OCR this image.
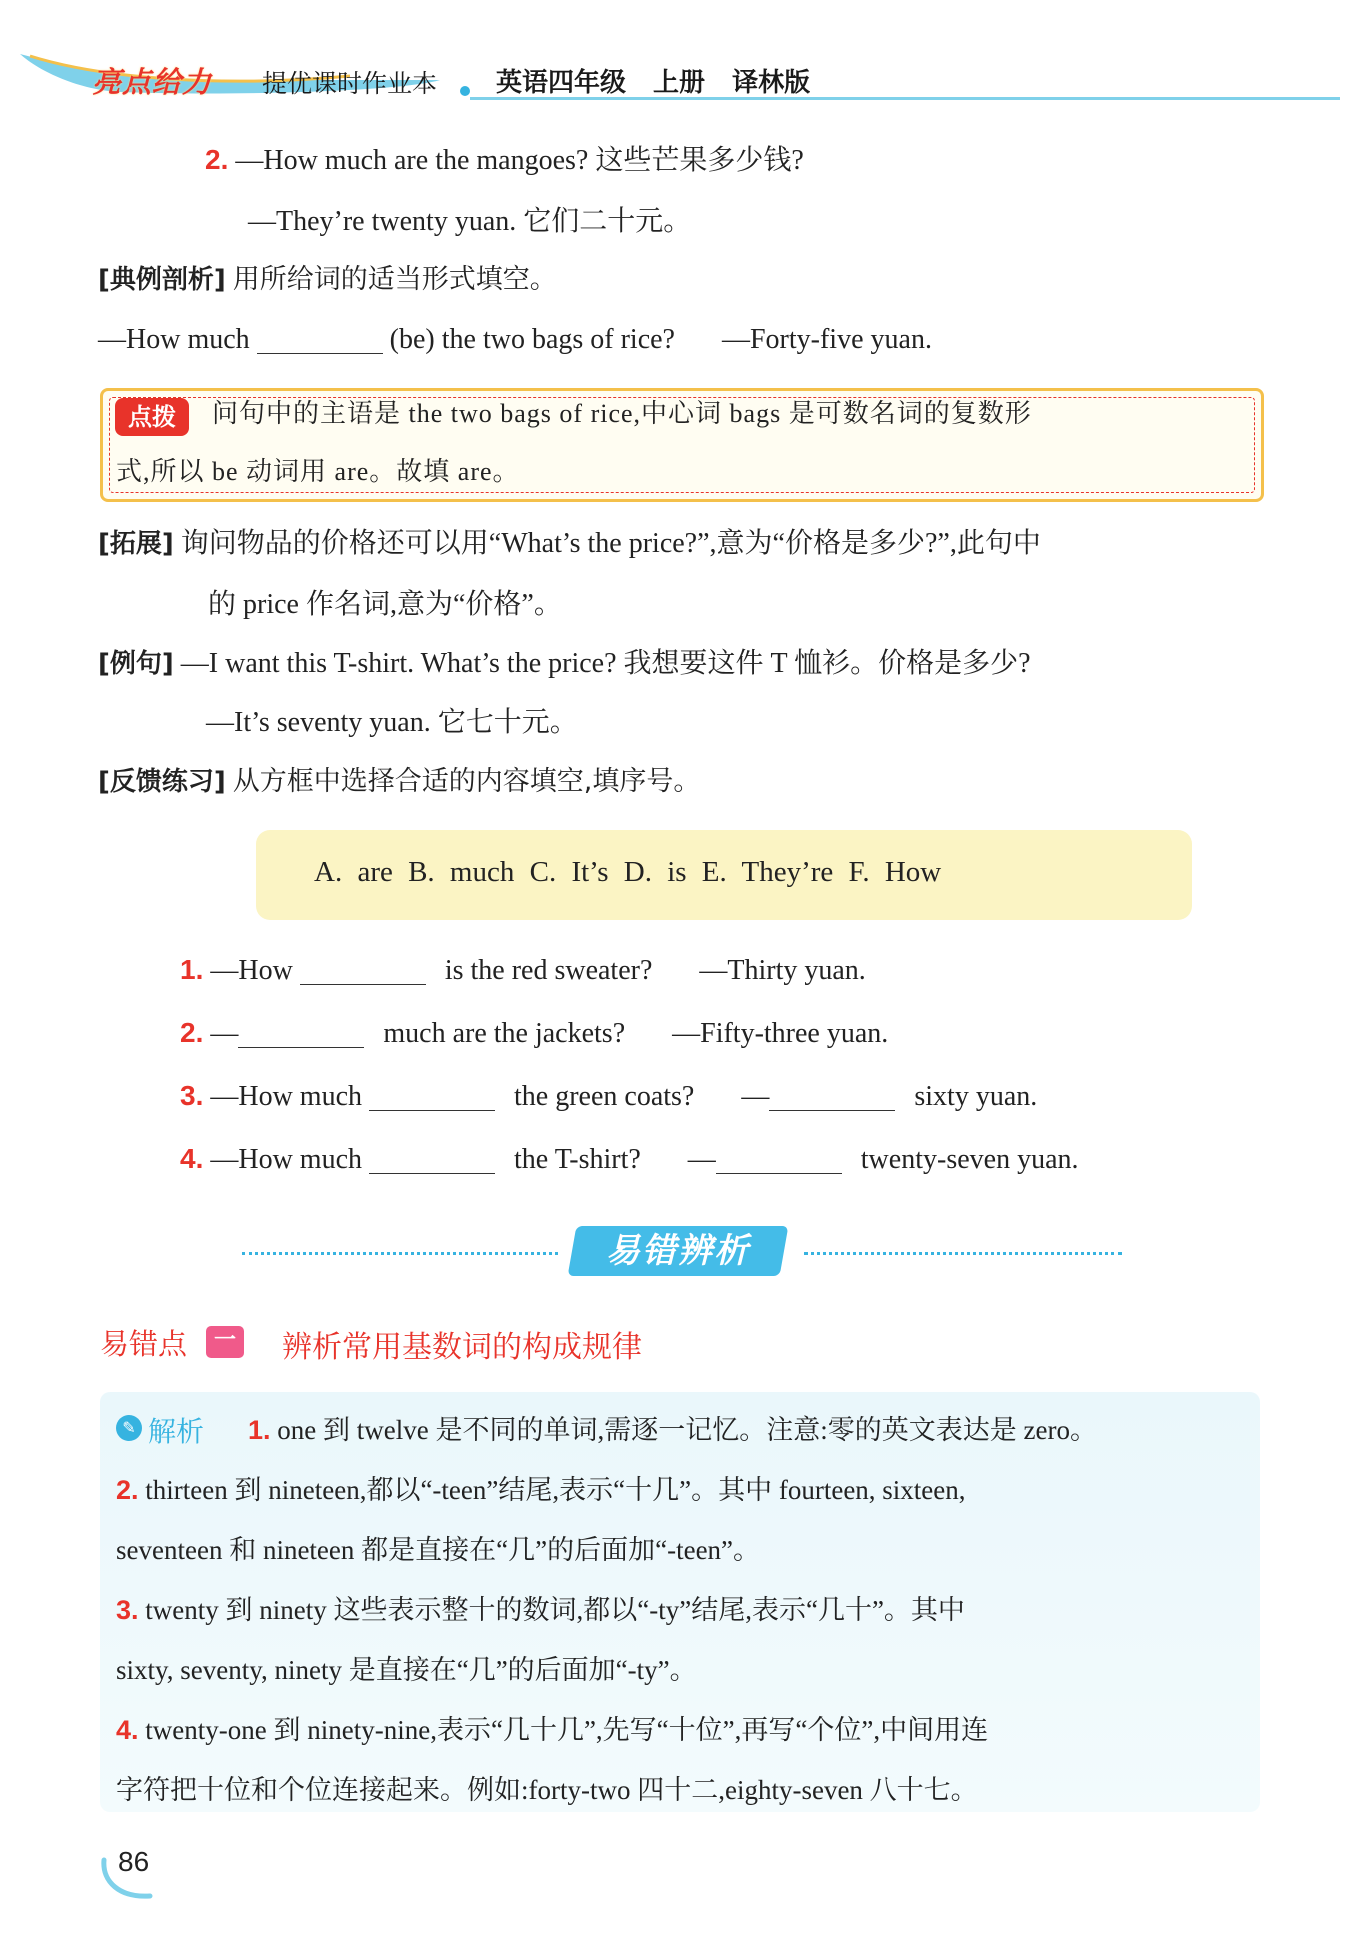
亮点给力 提优课时作业本 英语四年级 上册 译林版
2. —How much are the mangoes? 这些芒果多少钱?
—They’re twenty yuan. 它们二十元。
[典例剖析] 用所给词的适当形式填空。
—How much	(be) the two bags of rice? —Forty-five yuan.
点拨	问句中的主语是 the two bags of rice,中心词 bags 是可数名词的复数形
式,所以 be 动词用 are。故填 are。
[拓展] 询问物品的价格还可以用“What’s the price?”,意为“价格是多少?”,此句中
的 price 作名词,意为“价格”。
[例句] —I want this T-shirt. What’s the price? 我想要这件 T 恤衫。价格是多少?
—It’s seventy yuan. 它七十元。
[反馈练习] 从方框中选择合适的内容填空,填序号。
A. are B. much C. It’s D. is E. They’re F. How
1. —How	is the red sweater? —Thirty yuan.
2. —	much are the jackets? —Fifty-three yuan.
3. —How much	the green coats? —	sixty yuan.
4. —How much	the T-shirt? —	twenty-seven yuan.
易错辨析
易错点	一 辨析常用基数词的构成规律
✎ 解析 1. one 到 twelve 是不同的单词,需逐一记忆。注意:零的英文表达是 zero。
2. thirteen 到 nineteen,都以“-teen”结尾,表示“十几”。其中 fourteen, sixteen,
seventeen 和 nineteen 都是直接在“几”的后面加“-teen”。
3. twenty 到 ninety 这些表示整十的数词,都以“-ty”结尾,表示“几十”。其中
sixty, seventy, ninety 是直接在“几”的后面加“-ty”。
4. twenty-one 到 ninety-nine,表示“几十几”,先写“十位”,再写“个位”,中间用连
字符把十位和个位连接起来。例如:forty-two 四十二,eighty-seven 八十七。
86
